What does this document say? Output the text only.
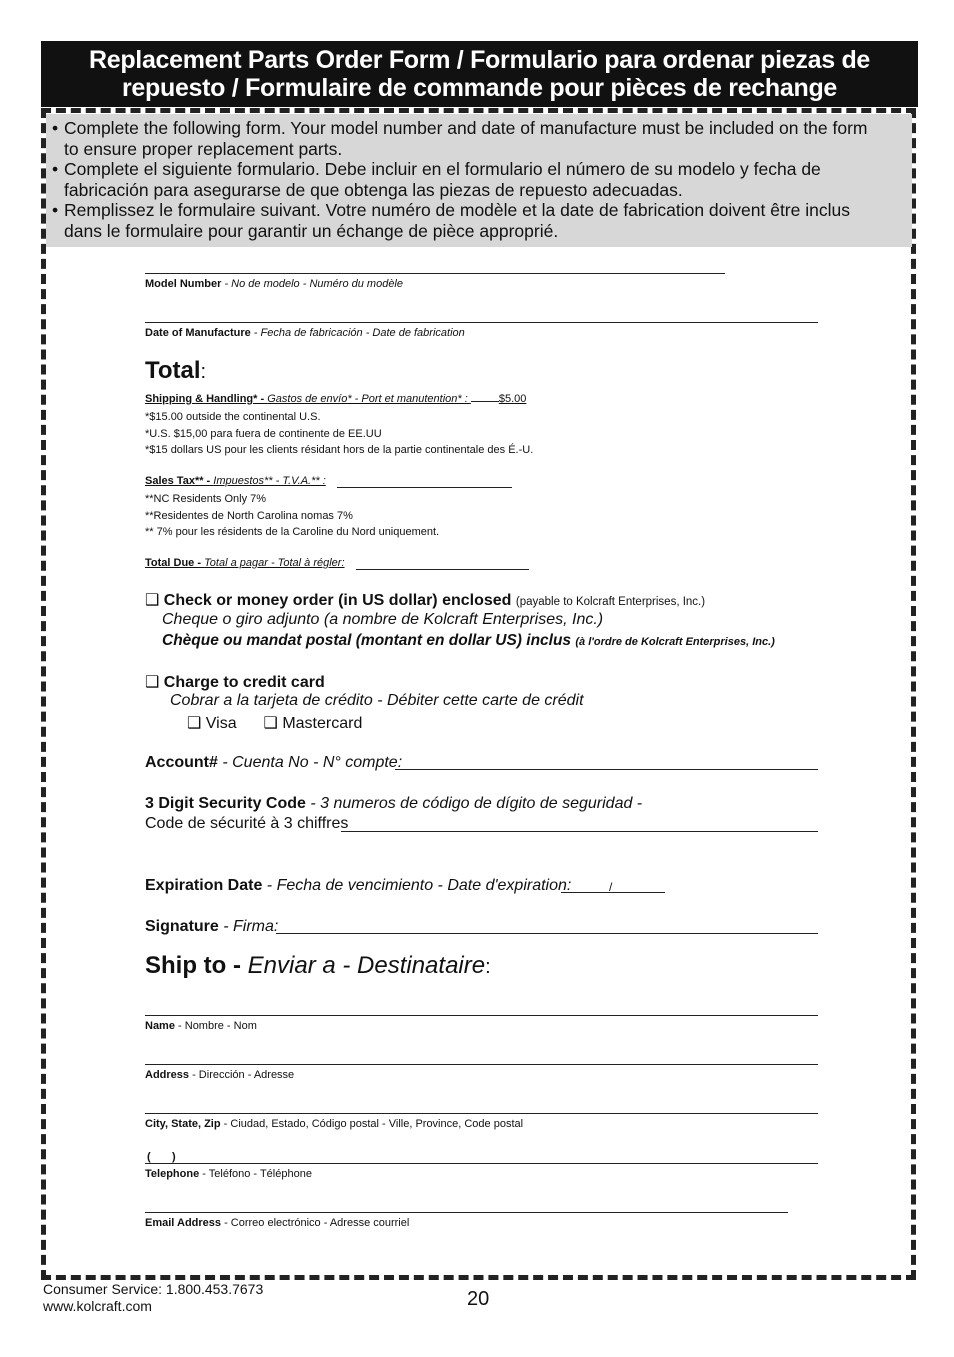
Replacement Parts Order Form / Formulario para ordenar piezas de repuesto / Formulaire de commande pour pièces de rechange
• Complete the following form. Your model number and date of manufacture must be included on the form to ensure proper replacement parts.
• Complete el siguiente formulario. Debe incluir en el formulario el número de su modelo y fecha de fabricación para asegurarse de que obtenga las piezas de repuesto adecuadas.
• Remplissez le formulaire suivant. Votre numéro de modèle et la date de fabrication doivent être inclus dans le formulaire pour garantir un échange de pièce approprié.
Model Number - No de modelo - Numéro du modèle
Date of Manufacture - Fecha de fabricación - Date de fabrication
Total:
Shipping & Handling* - Gastos de envío* - Port et manutention* :	$5.00
*$15.00 outside the continental U.S.
*U.S. $15,00 para fuera de continente de EE.UU
*$15 dollars US pour les clients résidant hors de la partie continentale des É.-U.
Sales Tax** - Impuestos** - T.V.A.** :
**NC Residents Only 7%
**Residentes de North Carolina nomas 7%
** 7% pour les résidents de la Caroline du Nord uniquement.
Total Due - Total a pagar - Total à régler:
❑ Check or money order (in US dollar) enclosed (payable to Kolcraft Enterprises, Inc.)
Cheque o giro adjunto (a nombre de Kolcraft Enterprises, Inc.)
Chèque ou mandat postal (montant en dollar US) inclus (à l'ordre de Kolcraft Enterprises, Inc.)
❑ Charge to credit card
Cobrar a la tarjeta de crédito - Débiter cette carte de crédit
❑ Visa ❑ Mastercard
Account# - Cuenta No - N° compte:
3 Digit Security Code - 3 numeros de código de dígito de seguridad -
Code de sécurité à 3 chiffres
Expiration Date - Fecha de vencimiento - Date d'expiration:	/
Signature - Firma:
Ship to - Enviar a - Destinataire:
Name - Nombre - Nom
Address - Dirección - Adresse
City, State, Zip - Ciudad, Estado, Código postal - Ville, Province, Code postal
(       )
Telephone - Teléfono - Téléphone
Email Address - Correo electrónico - Adresse courriel
Consumer Service: 1.800.453.7673
www.kolcraft.com	20
